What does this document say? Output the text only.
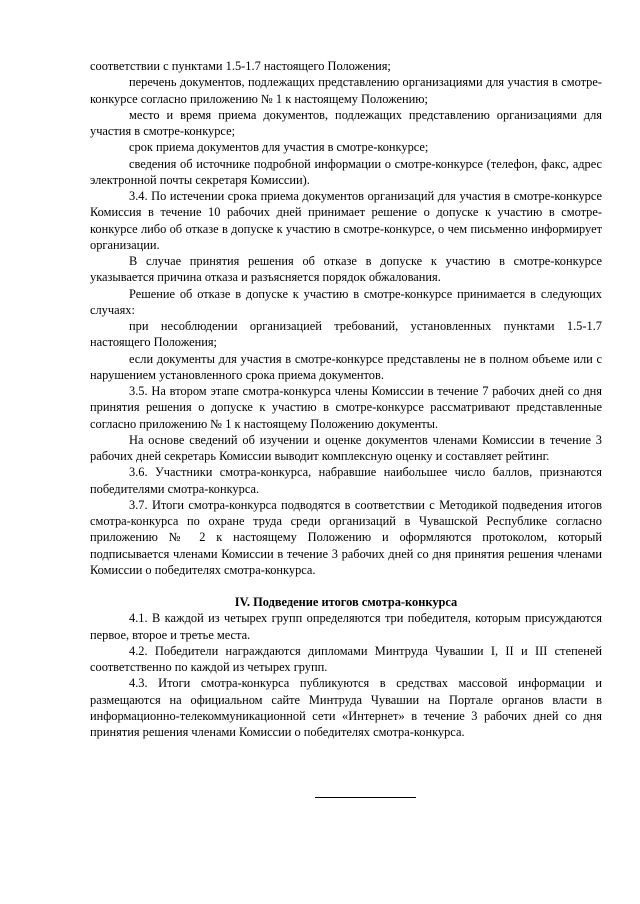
соответствии с пунктами 1.5-1.7 настоящего Положения;

перечень документов, подлежащих представлению организациями для участия в смотре-конкурсе согласно приложению № 1 к настоящему Положению;

место и время приема документов, подлежащих представлению организациями для участия в смотре-конкурсе;

срок приема документов для участия в смотре-конкурсе;

сведения об источнике подробной информации о смотре-конкурсе (телефон, факс, адрес электронной почты секретаря Комиссии).

3.4. По истечении срока приема документов организаций для участия в смотре-конкурсе Комиссия в течение 10 рабочих дней принимает решение о допуске к участию в смотре-конкурсе либо об отказе в допуске к участию в смотре-конкурсе, о чем письменно информирует организации.

В случае принятия решения об отказе в допуске к участию в смотре-конкурсе указывается причина отказа и разъясняется порядок обжалования.

Решение об отказе в допуске к участию в смотре-конкурсе принимается в следующих случаях:

при несоблюдении организацией требований, установленных пунктами 1.5-1.7 настоящего Положения;

если документы для участия в смотре-конкурсе представлены не в полном объеме или с нарушением установленного срока приема документов.

3.5. На втором этапе смотра-конкурса члены Комиссии в течение 7 рабочих дней со дня принятия решения о допуске к участию в смотре-конкурсе рассматривают представленные согласно приложению № 1 к настоящему Положению документы.

На основе сведений об изучении и оценке документов членами Комиссии в течение 3 рабочих дней секретарь Комиссии выводит комплексную оценку и составляет рейтинг.

3.6. Участники смотра-конкурса, набравшие наибольшее число баллов, признаются победителями смотра-конкурса.

3.7. Итоги смотра-конкурса подводятся в соответствии с Методикой подведения итогов смотра-конкурса по охране труда среди организаций в Чувашской Республике согласно приложению № 2 к настоящему Положению и оформляются протоколом, который подписывается членами Комиссии в течение 3 рабочих дней со дня принятия решения членами Комиссии о победителях смотра-конкурса.

IV. Подведение итогов смотра-конкурса

4.1. В каждой из четырех групп определяются три победителя, которым присуждаются первое, второе и третье места.

4.2. Победители награждаются дипломами Минтруда Чувашии I, II и III степеней соответственно по каждой из четырех групп.

4.3. Итоги смотра-конкурса публикуются в средствах массовой информации и размещаются на официальном сайте Минтруда Чувашии на Портале органов власти в информационно-телекоммуникационной сети «Интернет» в течение 3 рабочих дней со дня принятия решения членами Комиссии о победителях смотра-конкурса.
